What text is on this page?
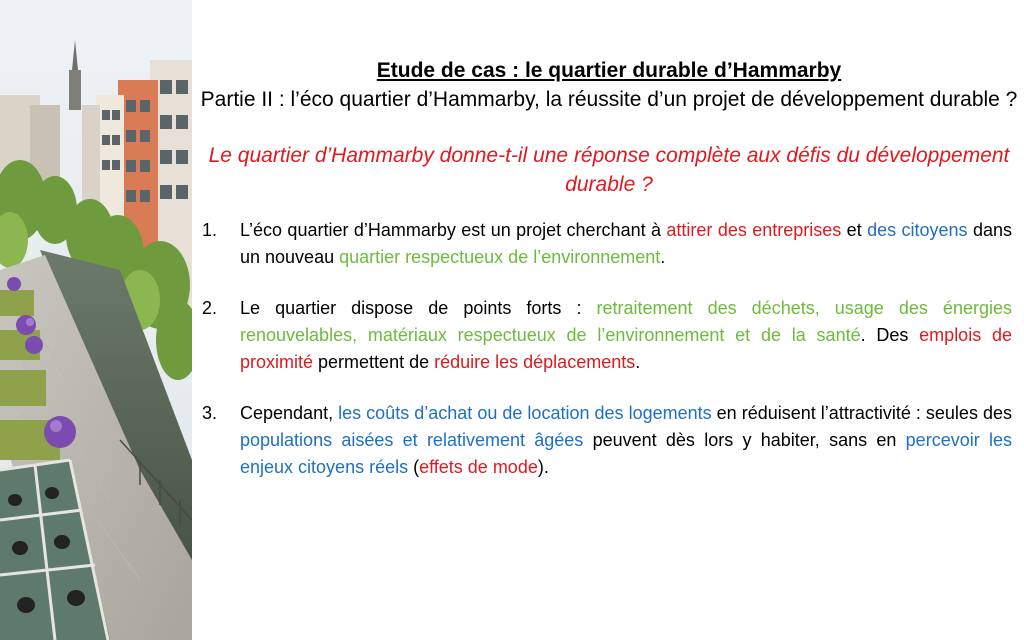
Etude de cas : le quartier durable d’Hammarby
Partie II : l’éco quartier d’Hammarby, la réussite d’un projet de développement durable ?
Le quartier d’Hammarby donne-t-il une réponse complète aux défis du développement durable ?
1. L’éco quartier d’Hammarby est un projet cherchant à attirer des entreprises et des citoyens dans un nouveau quartier respectueux de l’environnement.
2. Le quartier dispose de points forts : retraitement des déchets, usage des énergies renouvelables, matériaux respectueux de l’environnement et de la santé. Des emplois de proximité permettent de réduire les déplacements.
3. Cependant, les coûts d’achat ou de location des logements en réduisent l’attractivité : seules des populations aisées et relativement âgées peuvent dès lors y habiter, sans en percevoir les enjeux citoyens réels (effets de mode).
